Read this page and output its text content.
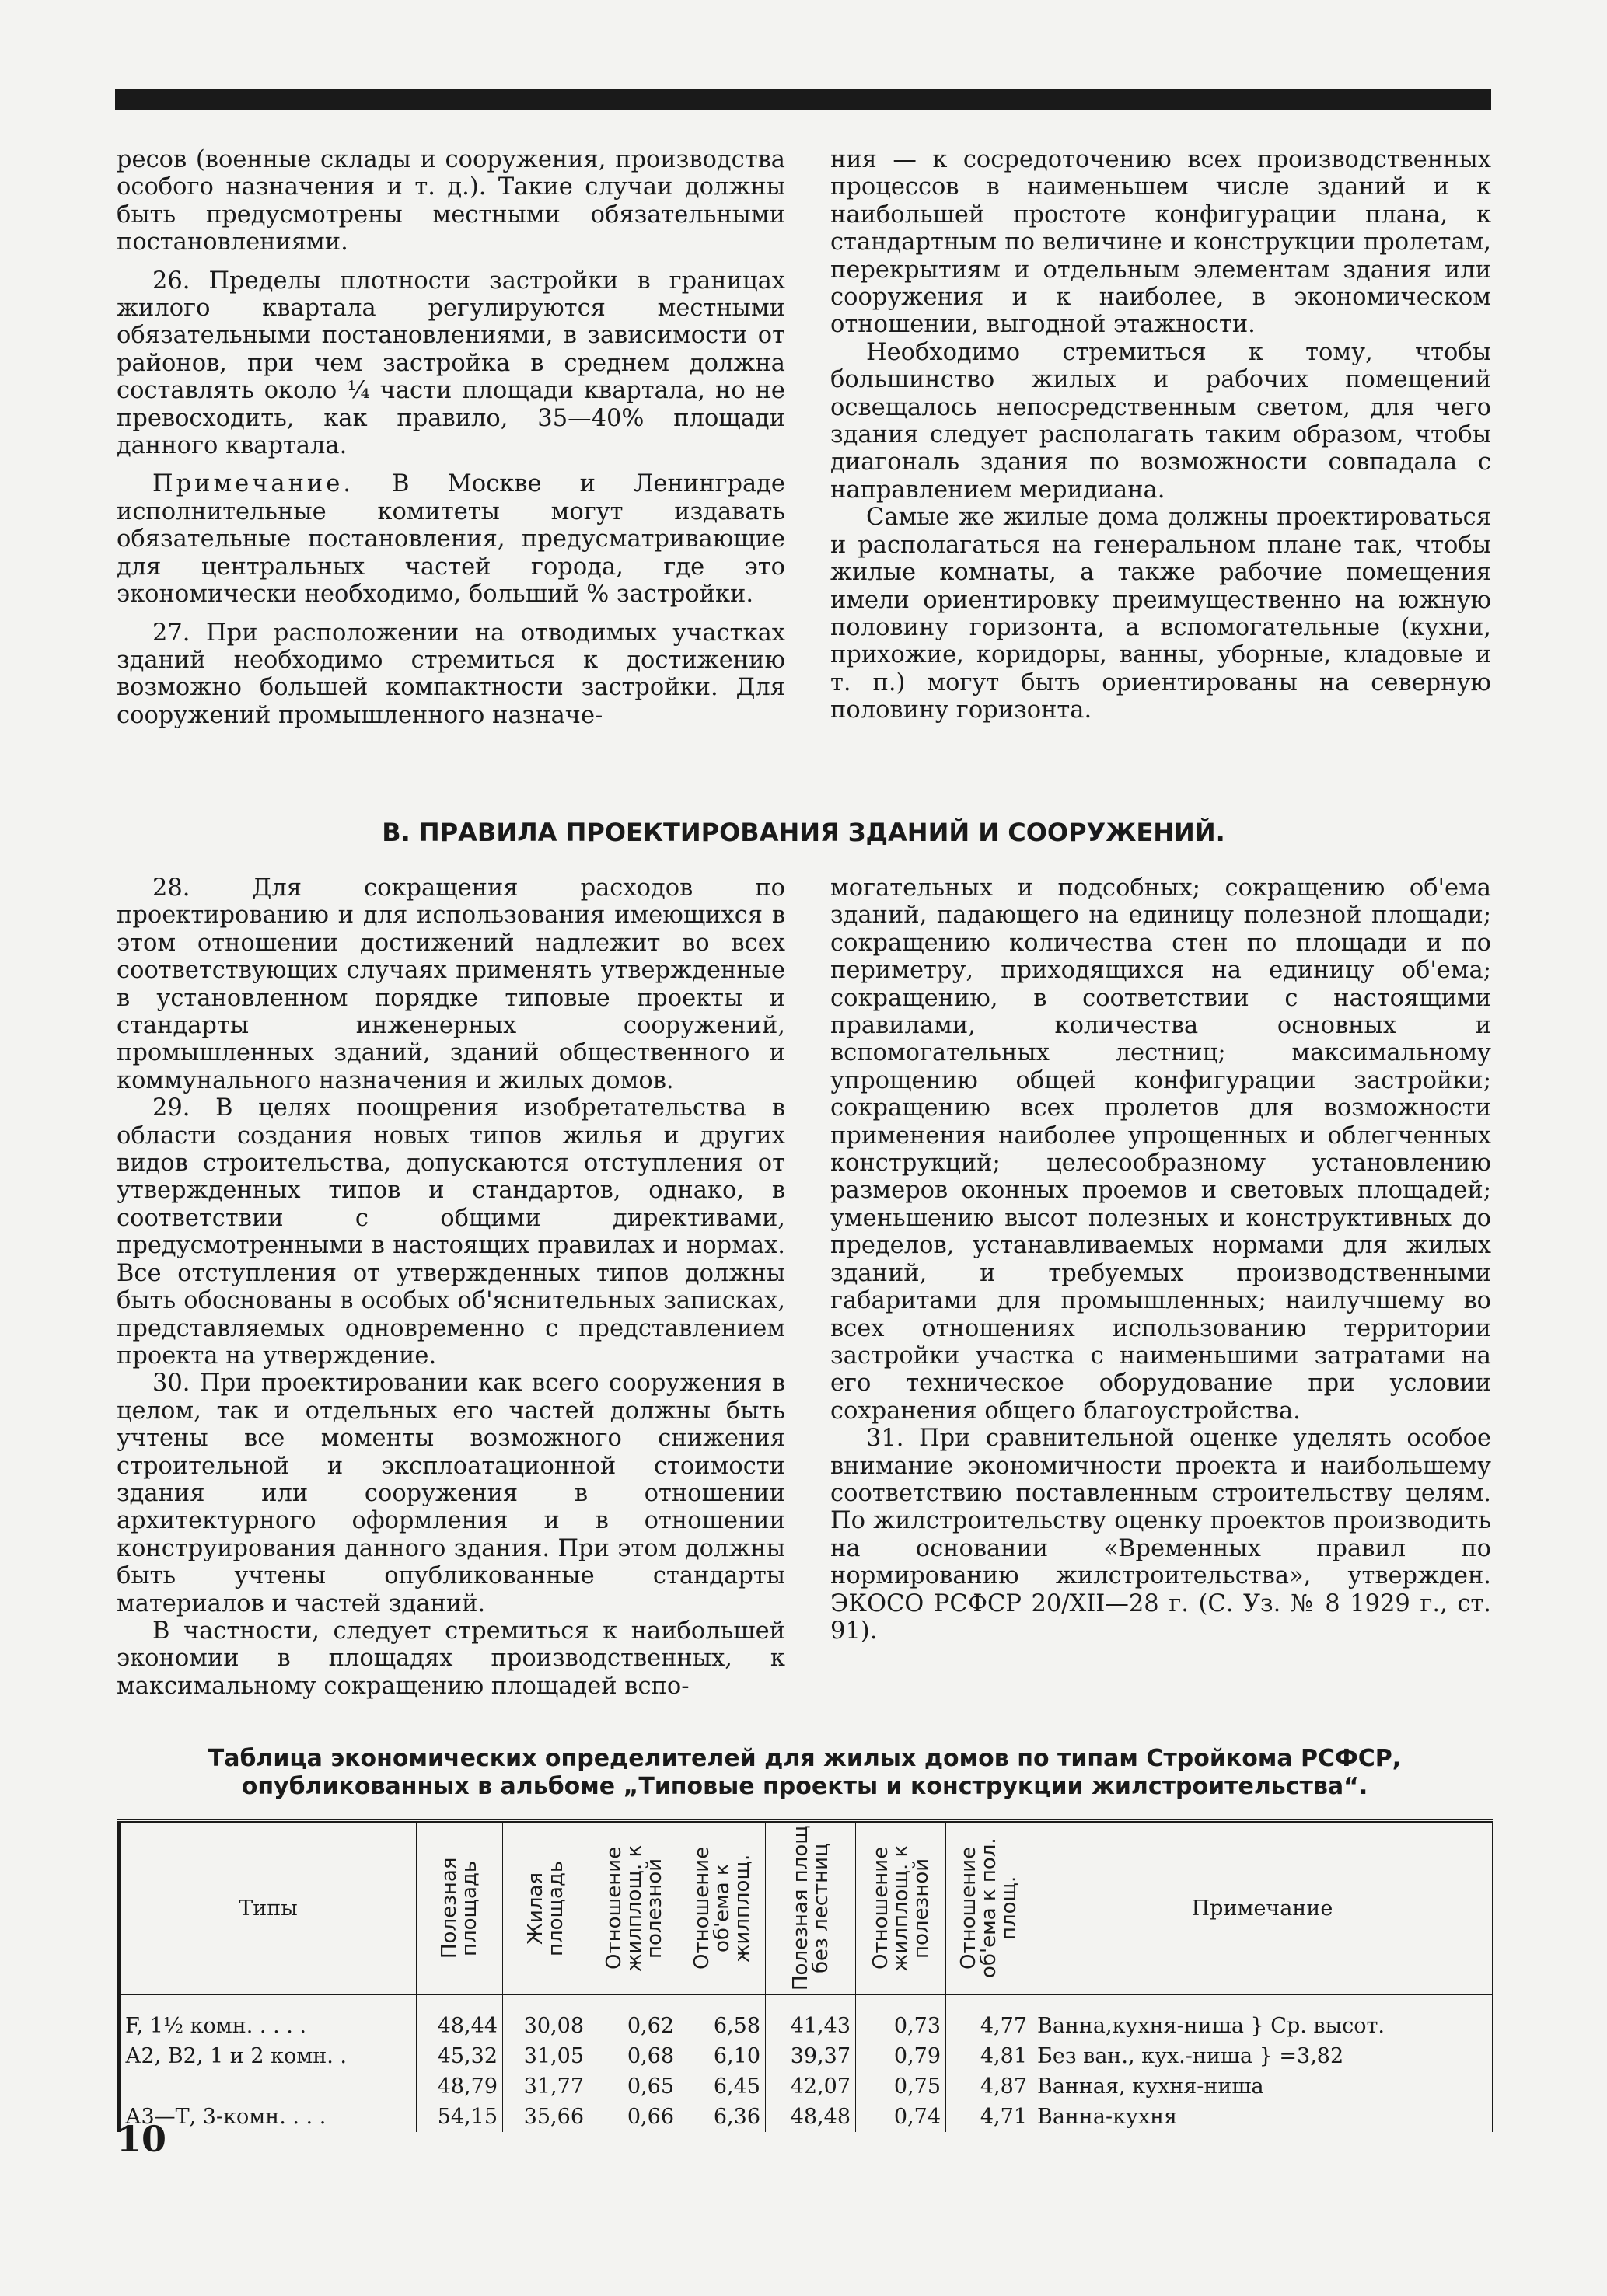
ресов (военные склады и сооружения, производства особого назначения и т. д.). Такие случаи должны быть предусмотрены местными обязательными постановлениями.

26. Пределы плотности застройки в границах жилого квартала регулируются местными обязательными постановлениями, в зависимости от районов, при чем застройка в среднем должна составлять около ¼ части площади квартала, но не превосходить, как правило, 35—40% площади данного квартала.

Примечание. В Москве и Ленинграде исполнительные комитеты могут издавать обязательные постановления, предусматривающие для центральных частей города, где это экономически необходимо, больший % застройки.

27. При расположении на отводимых участках зданий необходимо стремиться к достижению возможно большей компактности застройки. Для сооружений промышленного назначе-

ния — к сосредоточению всех производственных процессов в наименьшем числе зданий и к наибольшей простоте конфигурации плана, к стандартным по величине и конструкции пролетам, перекрытиям и отдельным элементам здания или сооружения и к наиболее, в экономическом отношении, выгодной этажности.

Необходимо стремиться к тому, чтобы большинство жилых и рабочих помещений освещалось непосредственным светом, для чего здания следует располагать таким образом, чтобы диагональ здания по возможности совпадала с направлением меридиана.

Самые же жилые дома должны проектироваться и располагаться на генеральном плане так, чтобы жилые комнаты, а также рабочие помещения имели ориентировку преимущественно на южную половину горизонта, а вспомогательные (кухни, прихожие, коридоры, ванны, уборные, кладовые и т. п.) могут быть ориентированы на северную половину горизонта.

В. ПРАВИЛА ПРОЕКТИРОВАНИЯ ЗДАНИЙ И СООРУЖЕНИЙ.

28. Для сокращения расходов по проектированию и для использования имеющихся в этом отношении достижений надлежит во всех соответствующих случаях применять утвержденные в установленном порядке типовые проекты и стандарты инженерных сооружений, промышленных зданий, зданий общественного и коммунального назначения и жилых домов.

29. В целях поощрения изобретательства в области создания новых типов жилья и других видов строительства, допускаются отступления от утвержденных типов и стандартов, однако, в соответствии с общими директивами, предусмотренными в настоящих правилах и нормах. Все отступления от утвержденных типов должны быть обоснованы в особых об'яснительных записках, представляемых одновременно с представлением проекта на утверждение.

30. При проектировании как всего сооружения в целом, так и отдельных его частей должны быть учтены все моменты возможного снижения строительной и эксплоатационной стоимости здания или сооружения в отношении архитектурного оформления и в отношении конструирования данного здания. При этом должны быть учтены опубликованные стандарты материалов и частей зданий.

В частности, следует стремиться к наибольшей экономии в площадях производственных, к максимальному сокращению площадей вспо-

могательных и подсобных; сокращению об'ема зданий, падающего на единицу полезной площади; сокращению количества стен по площади и по периметру, приходящихся на единицу об'ема; сокращению, в соответствии с настоящими правилами, количества основных и вспомогательных лестниц; максимальному упрощению общей конфигурации застройки; сокращению всех пролетов для возможности применения наиболее упрощенных и облегченных конструкций; целесообразному установлению размеров оконных проемов и световых площадей; уменьшению высот полезных и конструктивных до пределов, устанавливаемых нормами для жилых зданий, и требуемых производственными габаритами для промышленных; наилучшему во всех отношениях использованию территории застройки участка с наименьшими затратами на его техническое оборудование при условии сохранения общего благоустройства.

31. При сравнительной оценке уделять особое внимание экономичности проекта и наибольшему соответствию поставленным строительству целям. По жилстроительству оценку проектов производить на основании «Временных правил по нормированию жилстроительства», утвержден. ЭКОСО РСФСР 20/XII—28 г. (С. Уз. № 8 1929 г., ст. 91).

Таблица экономических определителей для жилых домов по типам Стройкома РСФСР, опубликованных в альбоме „Типовые проекты и конструкции жилстроительства“.
Типы	Полезная площадь	Жилая площадь	Отношение жилплощ. к полезной	Отношение об'ема к жилплощ.	Полезная площ без лестниц	Отношение жилплощ. к полезной	Отношение об'ема к пол. площ.	Примечание
F, 1½ комн. . . . .	48,44	30,08	0,62	6,58	41,43	0,73	4,77	Ванна,кухня-ниша } Ср. высот.
А2, В2, 1 и 2 комн. .	45,32	31,05	0,68	6,10	39,37	0,79	4,81	Без ван., кух.-ниша } =3,82
	48,79	31,77	0,65	6,45	42,07	0,75	4,87	Ванная, кухня-ниша
А3—Т, 3-комн. . . .	54,15	35,66	0,66	6,36	48,48	0,74	4,71	Ванна-кухня
10
